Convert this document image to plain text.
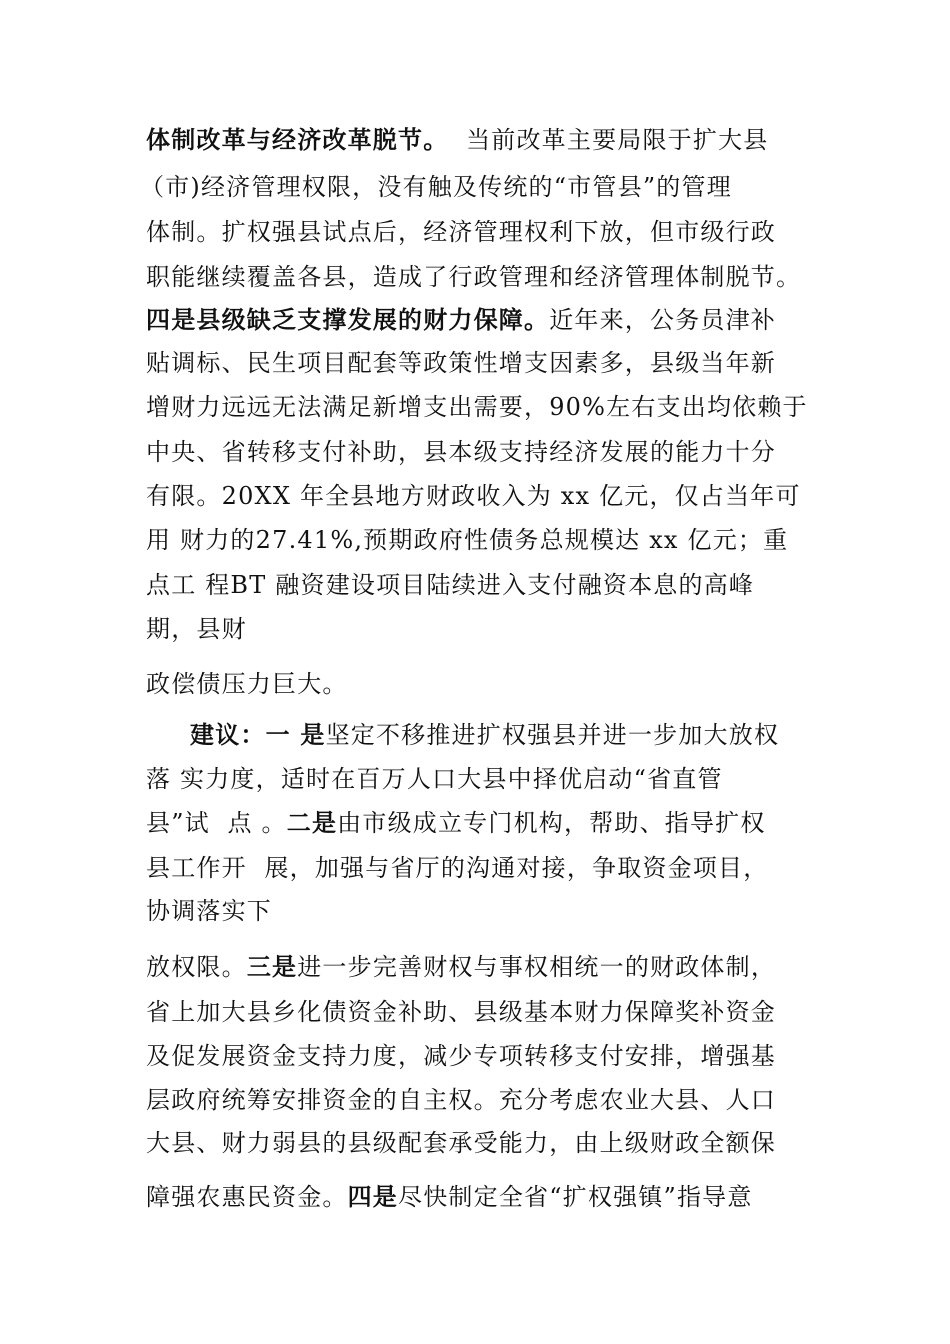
体制改革与经济改革脱节。  当前改革主要局限于扩大县
（市)经济管理权限，没有触及传统的“市管县”的管理
体制。扩权强县试点后，经济管理权利下放，但市级行政
职能继续覆盖各县，造成了行政管理和经济管理体制脱节。
四是县级缺乏支撑发展的财力保障。近年来，公务员津补
贴调标、民生项目配套等政策性增支因素多，县级当年新
增财力远远无法满足新增支出需要，90%左右支出均依赖于
中央、省转移支付补助，县本级支持经济发展的能力十分
有限。20XX 年全县地方财政收入为 xx 亿元，仅占当年可
用 财力的27.41%,预期政府性债务总规模达 xx 亿元；重
点工 程BT 融资建设项目陆续进入支付融资本息的高峰
期，县财
政偿债压力巨大。
建议：一 是坚定不移推进扩权强县并进一步加大放权
落 实力度，适时在百万人口大县中择优启动“省直管
县”试  点 。二是由市级成立专门机构，帮助、指导扩权
县工作开  展，加强与省厅的沟通对接，争取资金项目，
协调落实下
放权限。三是进一步完善财权与事权相统一的财政体制，
省上加大县乡化债资金补助、县级基本财力保障奖补资金
及促发展资金支持力度，减少专项转移支付安排，增强基
层政府统筹安排资金的自主权。充分考虑农业大县、人口
大县、财力弱县的县级配套承受能力，由上级财政全额保
障强农惠民资金。四是尽快制定全省“扩权强镇”指导意
